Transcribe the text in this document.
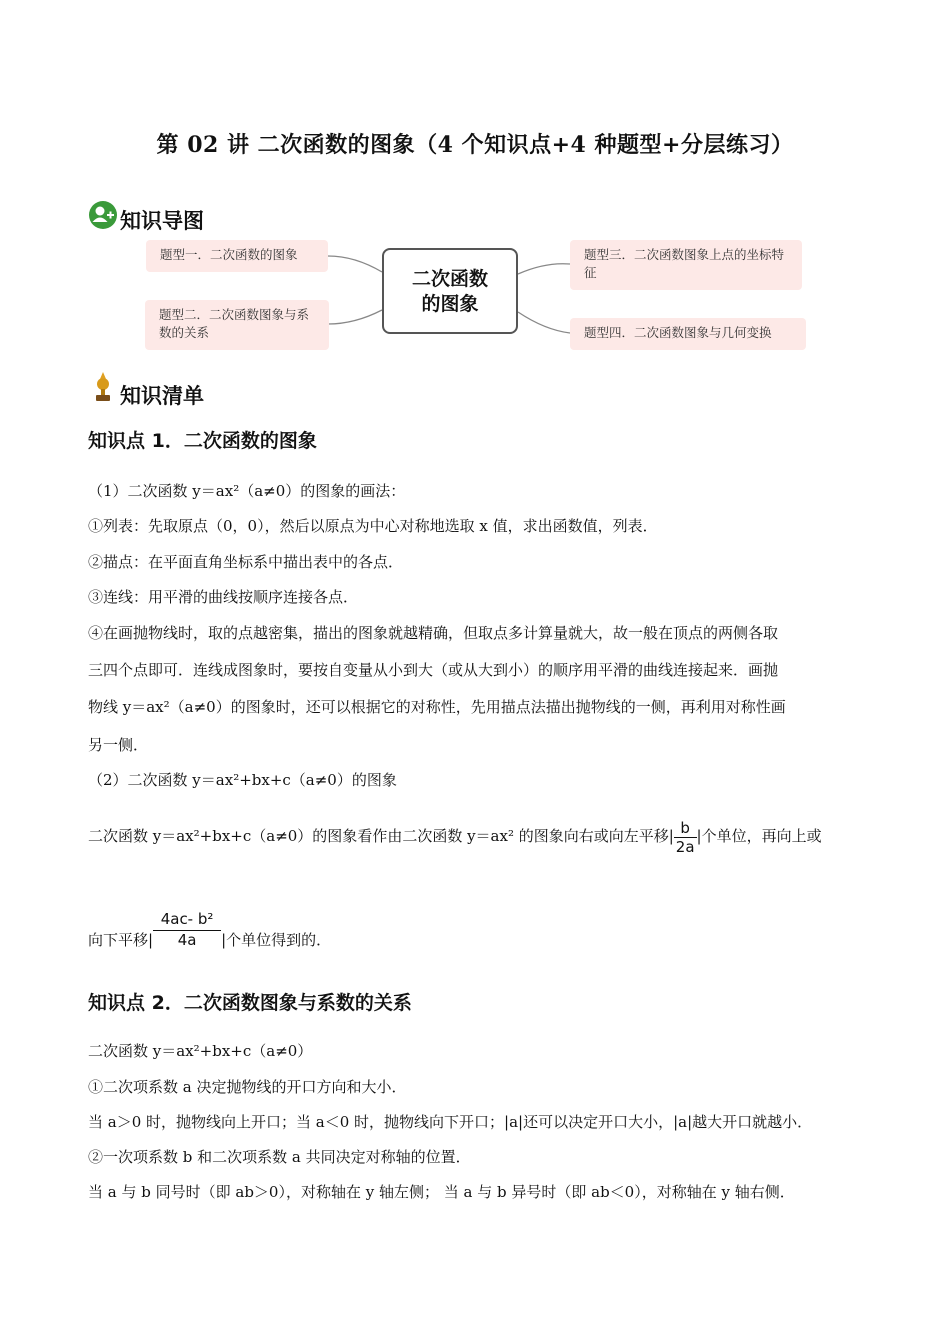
第 02 讲 二次函数的图象（4 个知识点+4 种题型+分层练习）
知识导图
题型一．二次函数的图象
题型二．二次函数图象与系数的关系
二次函数
的图象
题型三．二次函数图象上点的坐标特征
题型四．二次函数图象与几何变换
知识清单
知识点 1．二次函数的图象
（1）二次函数 y＝ax²（a≠0）的图象的画法：
①列表：先取原点（0，0），然后以原点为中心对称地选取 x 值，求出函数值，列表．
②描点：在平面直角坐标系中描出表中的各点．
③连线：用平滑的曲线按顺序连接各点．
④在画抛物线时，取的点越密集，描出的图象就越精确，但取点多计算量就大，故一般在顶点的两侧各取
三四个点即可．连线成图象时，要按自变量从小到大（或从大到小）的顺序用平滑的曲线连接起来．画抛
物线 y＝ax²（a≠0）的图象时，还可以根据它的对称性，先用描点法描出抛物线的一侧，再利用对称性画
另一侧．
（2）二次函数 y＝ax²+bx+c（a≠0）的图象
二次函数 y＝ax²+bx+c（a≠0）的图象看作由二次函数 y＝ax² 的图象向右或向左平移| $\frac{b}{2a}$ |个单位，再向上或
向下平移| $\frac{\text{4ac- b²}}{4a}$ |个单位得到的．
知识点 2．二次函数图象与系数的关系
二次函数 y＝ax²+bx+c（a≠0）
①二次项系数 a 决定抛物线的开口方向和大小．
当 a＞0 时，抛物线向上开口；当 a＜0 时，抛物线向下开口；|a|还可以决定开口大小，|a|越大开口就越小．
②一次项系数 b 和二次项系数 a 共同决定对称轴的位置．
当 a 与 b 同号时（即 ab＞0），对称轴在 y 轴左侧； 当 a 与 b 异号时（即 ab＜0），对称轴在 y 轴右侧．
